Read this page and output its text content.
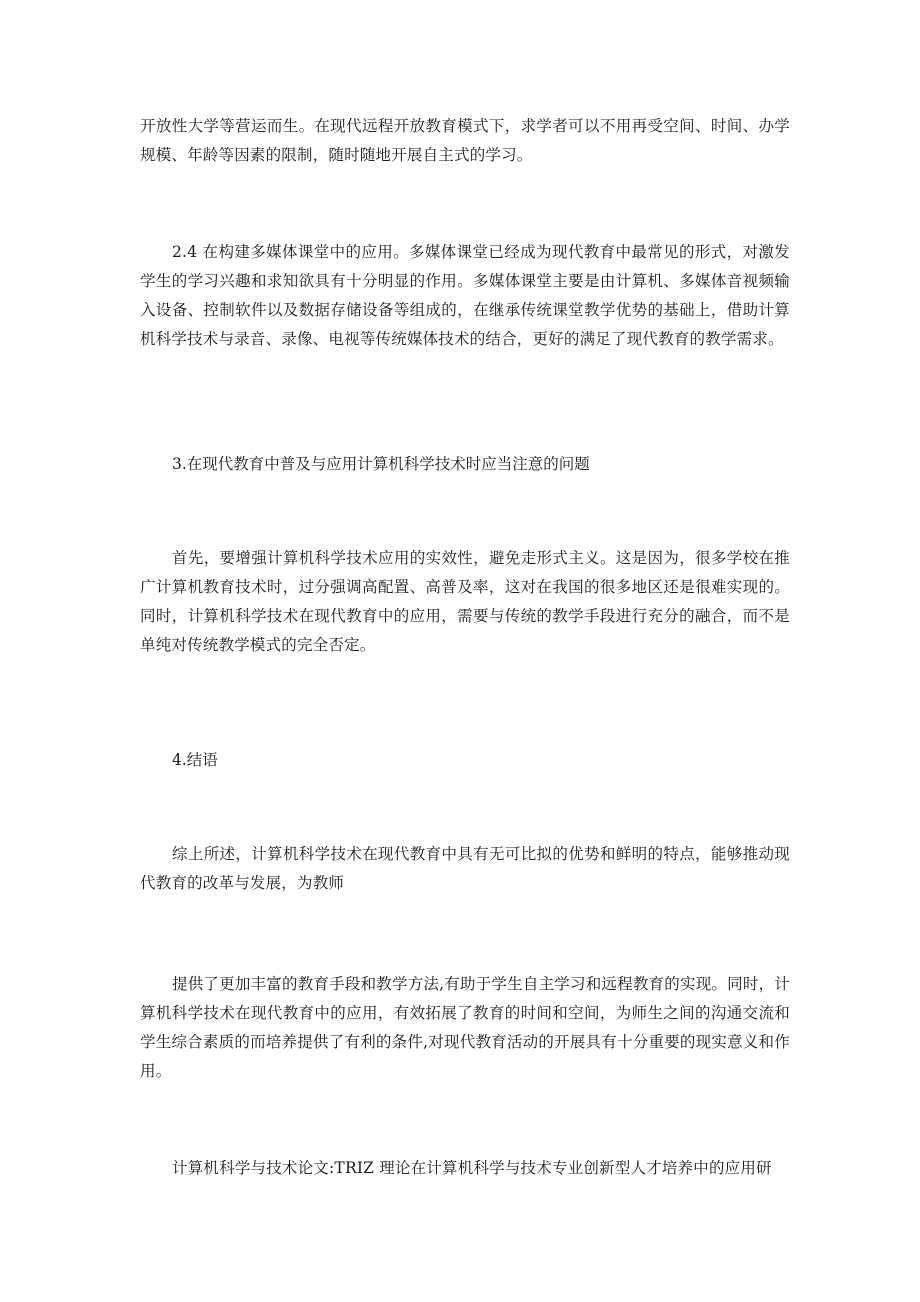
开放性大学等营运而生。在现代远程开放教育模式下，求学者可以不用再受空间、时间、办学规模、年龄等因素的限制，随时随地开展自主式的学习。

2.4 在构建多媒体课堂中的应用。多媒体课堂已经成为现代教育中最常见的形式，对激发学生的学习兴趣和求知欲具有十分明显的作用。多媒体课堂主要是由计算机、多媒体音视频输入设备、控制软件以及数据存储设备等组成的，在继承传统课堂教学优势的基础上，借助计算机科学技术与录音、录像、电视等传统媒体技术的结合，更好的满足了现代教育的教学需求。

3.在现代教育中普及与应用计算机科学技术时应当注意的问题

首先，要增强计算机科学技术应用的实效性，避免走形式主义。这是因为，很多学校在推广计算机教育技术时，过分强调高配置、高普及率，这对在我国的很多地区还是很难实现的。同时，计算机科学技术在现代教育中的应用，需要与传统的教学手段进行充分的融合，而不是单纯对传统教学模式的完全否定。

4.结语

综上所述，计算机科学技术在现代教育中具有无可比拟的优势和鲜明的特点，能够推动现代教育的改革与发展，为教师

提供了更加丰富的教育手段和教学方法,有助于学生自主学习和远程教育的实现。同时，计算机科学技术在现代教育中的应用，有效拓展了教育的时间和空间，为师生之间的沟通交流和学生综合素质的而培养提供了有利的条件,对现代教育活动的开展具有十分重要的现实意义和作用。

计算机科学与技术论文:TRIZ 理论在计算机科学与技术专业创新型人才培养中的应用研
